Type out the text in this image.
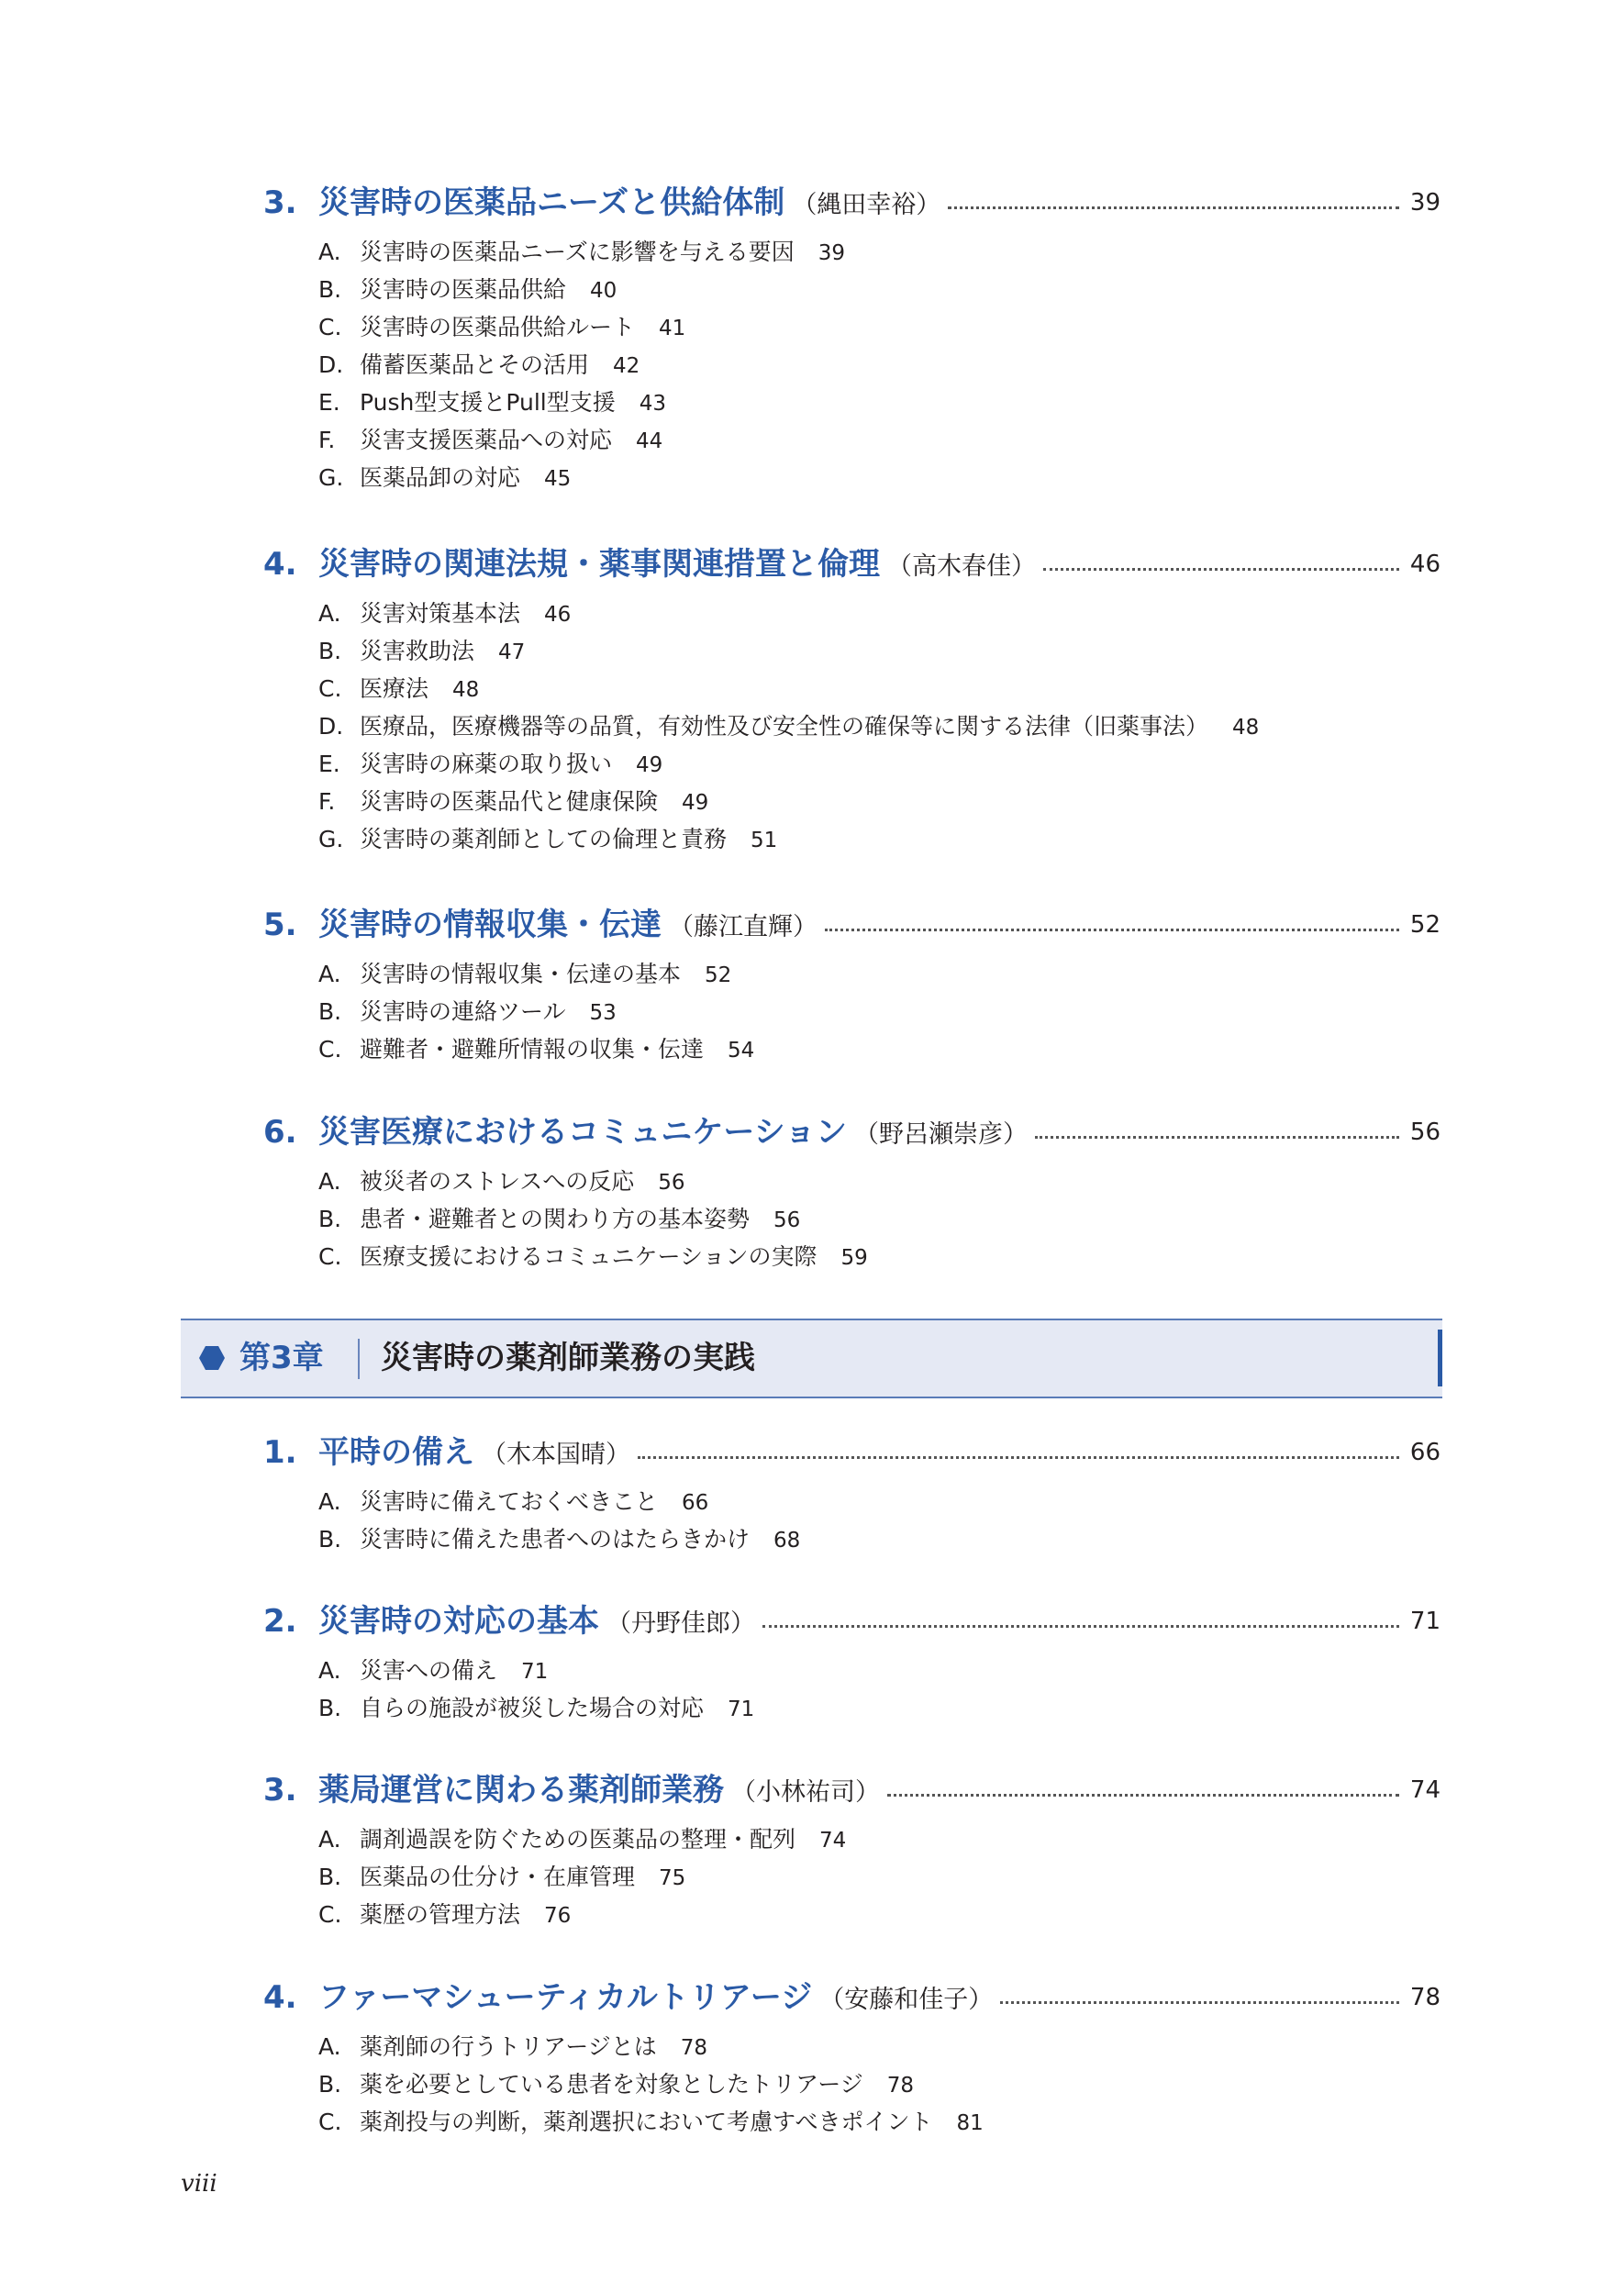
3. 災害時の医薬品ニーズと供給体制 （縄田幸裕）	39
A. 災害時の医薬品ニーズに影響を与える要因 39
B. 災害時の医薬品供給 40
C. 災害時の医薬品供給ルート 41
D. 備蓄医薬品とその活用 42
E. Push型支援とPull型支援 43
F.	災害支援医薬品への対応 44
G. 医薬品卸の対応 45
4. 災害時の関連法規・薬事関連措置と倫理 （高木春佳）	46
A. 災害対策基本法 46
B. 災害救助法 47
C. 医療法 48
D. 医療品，医療機器等の品質，有効性及び安全性の確保等に関する法律（旧薬事法） 48
E. 災害時の麻薬の取り扱い 49
F.	災害時の医薬品代と健康保険 49
G. 災害時の薬剤師としての倫理と責務 51
5. 災害時の情報収集・伝達 （藤江直輝）	52
A. 災害時の情報収集・伝達の基本 52
B. 災害時の連絡ツール 53
C. 避難者・避難所情報の収集・伝達 54
6. 災害医療におけるコミュニケーション （野呂瀬崇彦）	56
A. 被災者のストレスへの反応 56
B. 患者・避難者との関わり方の基本姿勢 56
C. 医療支援におけるコミュニケーションの実際 59
第3章 災害時の薬剤師業務の実践
1. 平時の備え （木本国晴）	66
A. 災害時に備えておくべきこと 66
B. 災害時に備えた患者へのはたらきかけ 68
2. 災害時の対応の基本 （丹野佳郎）	71
A. 災害への備え 71
B. 自らの施設が被災した場合の対応 71
3. 薬局運営に関わる薬剤師業務 （小林祐司）	74
A. 調剤過誤を防ぐための医薬品の整理・配列 74
B. 医薬品の仕分け・在庫管理 75
C. 薬歴の管理方法 76
4. ファーマシューティカルトリアージ （安藤和佳子）	78
A. 薬剤師の行うトリアージとは 78
B. 薬を必要としている患者を対象としたトリアージ 78
C. 薬剤投与の判断，薬剤選択において考慮すべきポイント 81
viii
